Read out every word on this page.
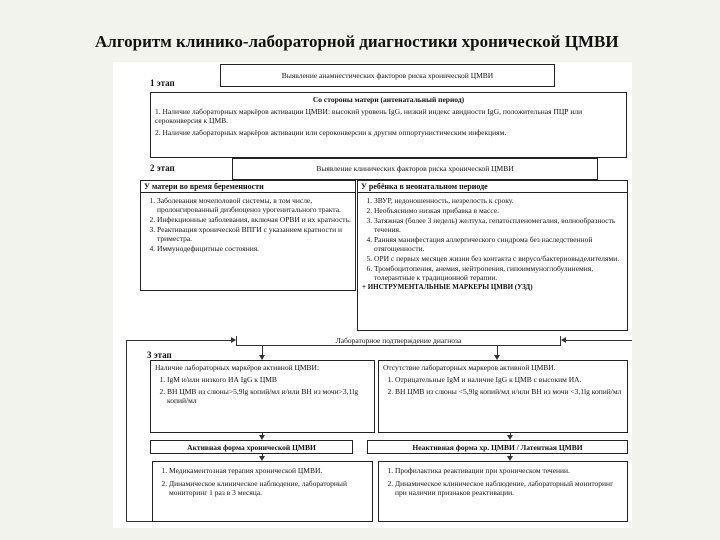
Алгоритм клинико-лабораторной диагностики хронической ЦМВИ
Выявление анамнестических факторов риска хронической ЦМВИ
1 этап
Со стороны матери (антенатальный период)
1. Наличие лабораторных маркёров активации ЦМВИ: высокий уровень IgG, низкий индекс авидности IgG, положительная ПЦР или сероконверсия к ЦМВ.
2. Наличие лабораторных маркёров активации или сероконверсии к другим оппортунистическим инфекциям.
2 этап	Выявление клинических факторов риска хронической ЦМВИ
У матери во время беременности
1. Заболевания мочеполовой системы, в том числе, пролонгированный дизбиоценоз урогенитального тракта.
2. Инфекционные заболевания, включая ОРВИ и их кратность.
3. Реактивация хронической ВПГИ с указанием кратности и триместра.
4. Иммунодефицитные состояния.
У ребёнка в неонатальном периоде
1. ЗВУР, недоношенность, незрелость к сроку.
2. Необъяснимо низкая прибавка в массе.
3. Затяжная (более 3 недель) желтуха, гепатоспленомегалия, волнообразность течения.
4. Ранняя манифестация аллергического синдрома без наследственной отягощенности.
5. ОРИ с первых месяцев жизни без контакта с вирусо/бактериовыделителями.
6. Тромбоцитопения, анемия, нейтропения, гипоиммуноглобулинемия, толерантные к традиционной терапии.
+ ИНСТРУМЕНТАЛЬНЫЕ МАРКЕРЫ ЦМВИ (УЗД)
Лабораторное подтверждение диагноза
3 этап
Наличие лабораторных маркёров активной ЦМВИ:
1. IgM и/или низкого ИА IgG к ЦМВ
2. ВН ЦМВ из слюны>5,9lg копий/мл и/или ВН из мочи>3,1lg копий/мл
Отсутствие лабораторных маркеров активной ЦМВИ.
1. Отрицательные IgM и наличие IgG к ЦМВ с высоким ИА.
2. ВН ЦМВ из слюны <5,9lg копий/мл и/или ВН из мочи <3,1lg копий/мл
Активная форма хронической ЦМВИ	Неактивная форма хр. ЦМВИ / Латентная ЦМВИ
1. Медикаментозная терапия хронической ЦМВИ.
2. Динамическое клиническое наблюдение, лабораторный мониторинг 1 раз в 3 месяца.
1. Профилактика реактивации при хроническом течении.
2. Динамическое клиническое наблюдение, лабораторный мониторинг при наличии признаков реактивации.
